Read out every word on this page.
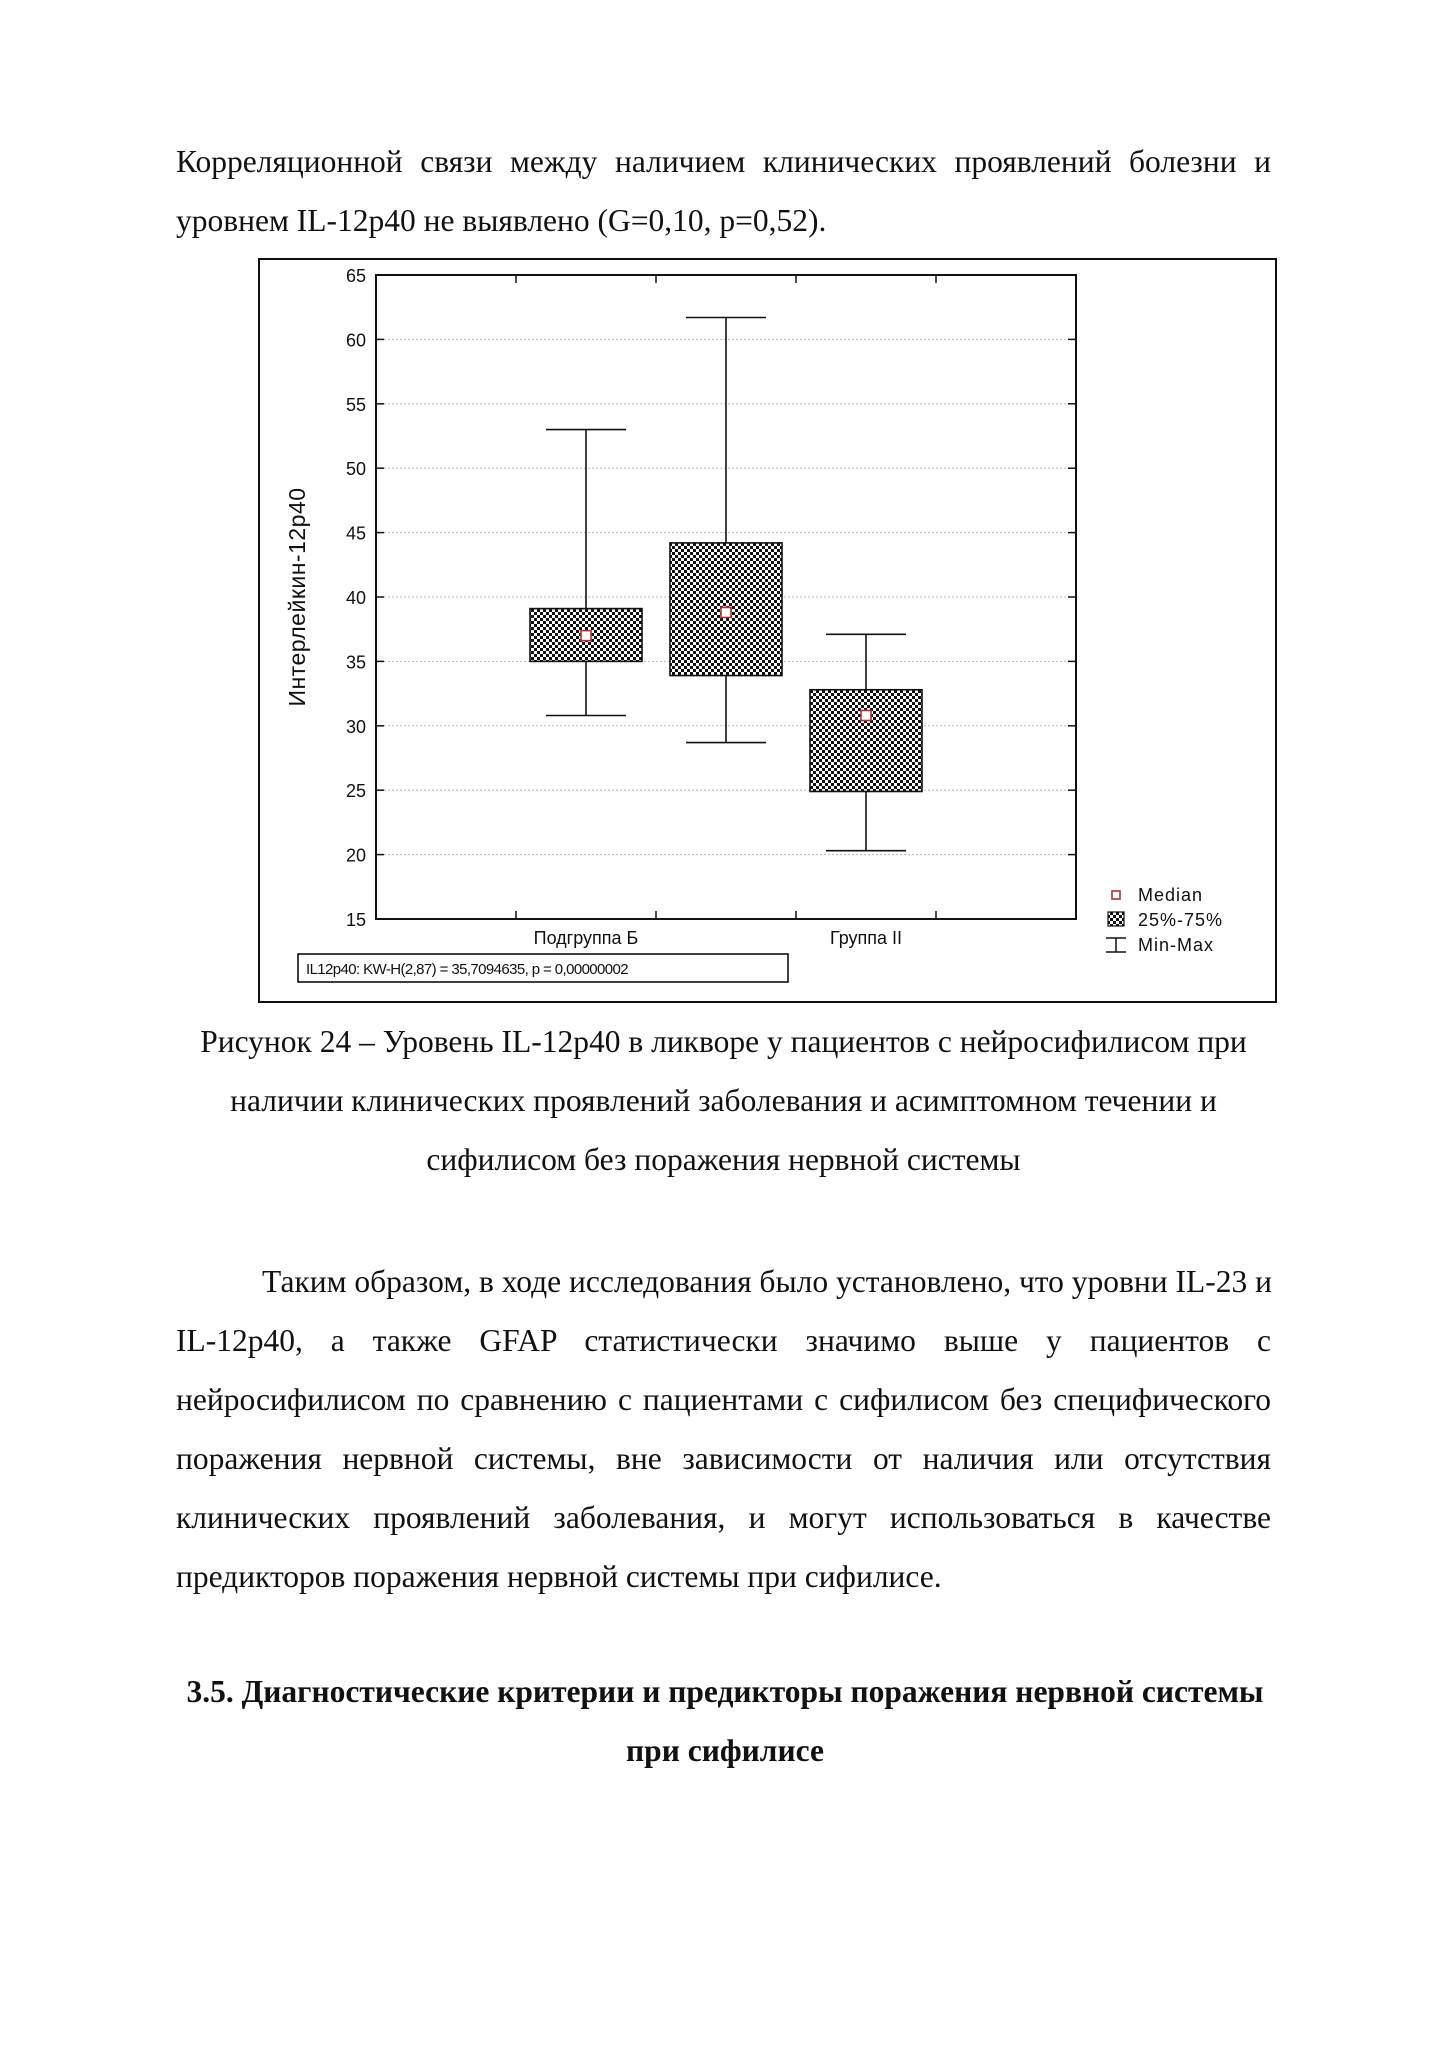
Корреляционной связи между наличием клинических проявлений болезни и
уровнем IL-12p40 не выявлено (G=0,10, p=0,52).
15
20
25
30
35
40
45
50
55
60
65
Интерлейкин-12p40
Подгруппа Б	Группа II
Median
25%-75%
Min-Max
IL12p40: KW-H(2,87) = 35,7094635, p = 0,00000002
Рисунок 24 – Уровень IL-12p40 в ликворе у пациентов с нейросифилисом при
наличии клинических проявлений заболевания и асимптомном течении и
сифилисом без поражения нервной системы
Таким образом, в ходе исследования было установлено, что уровни IL-23 и
IL-12p40, а также GFAP статистически значимо выше у пациентов с
нейросифилисом по сравнению с пациентами с сифилисом без специфического
поражения нервной системы, вне зависимости от наличия или отсутствия
клинических проявлений заболевания, и могут использоваться в качестве
предикторов поражения нервной системы при сифилисе.
3.5. Диагностические критерии и предикторы поражения нервной системы
при сифилисе
